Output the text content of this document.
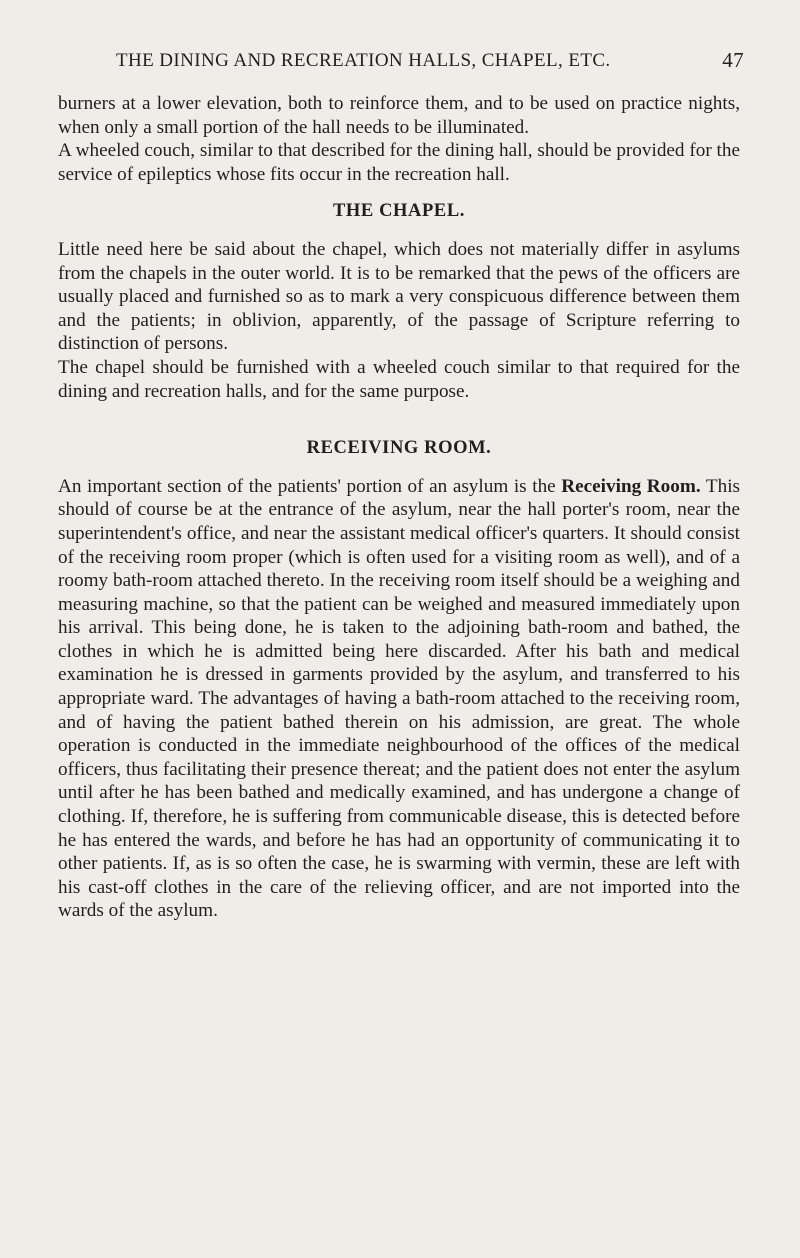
THE DINING AND RECREATION HALLS, CHAPEL, ETC.	47

burners at a lower elevation, both to reinforce them, and to be used on practice nights, when only a small portion of the hall needs to be illuminated.

A wheeled couch, similar to that described for the dining hall, should be provided for the service of epileptics whose fits occur in the recreation hall.

THE CHAPEL.

Little need here be said about the chapel, which does not materially differ in asylums from the chapels in the outer world. It is to be remarked that the pews of the officers are usually placed and furnished so as to mark a very conspicuous difference between them and the patients; in oblivion, apparently, of the passage of Scripture referring to distinction of persons.

The chapel should be furnished with a wheeled couch similar to that required for the dining and recreation halls, and for the same purpose.

RECEIVING ROOM.

An important section of the patients' portion of an asylum is the Receiving Room. This should of course be at the entrance of the asylum, near the hall porter's room, near the superintendent's office, and near the assistant medical officer's quarters. It should consist of the receiving room proper (which is often used for a visiting room as well), and of a roomy bath-room attached thereto. In the receiving room itself should be a weighing and measuring machine, so that the patient can be weighed and measured immediately upon his arrival. This being done, he is taken to the adjoining bath-room and bathed, the clothes in which he is admitted being here discarded. After his bath and medical examination he is dressed in garments provided by the asylum, and transferred to his appropriate ward. The advantages of having a bath-room attached to the receiving room, and of having the patient bathed therein on his admission, are great. The whole operation is conducted in the immediate neighbourhood of the offices of the medical officers, thus facilitating their presence thereat; and the patient does not enter the asylum until after he has been bathed and medically examined, and has undergone a change of clothing. If, therefore, he is suffering from communicable disease, this is detected before he has entered the wards, and before he has had an opportunity of communicating it to other patients. If, as is so often the case, he is swarming with vermin, these are left with his cast-off clothes in the care of the relieving officer, and are not imported into the wards of the asylum.
